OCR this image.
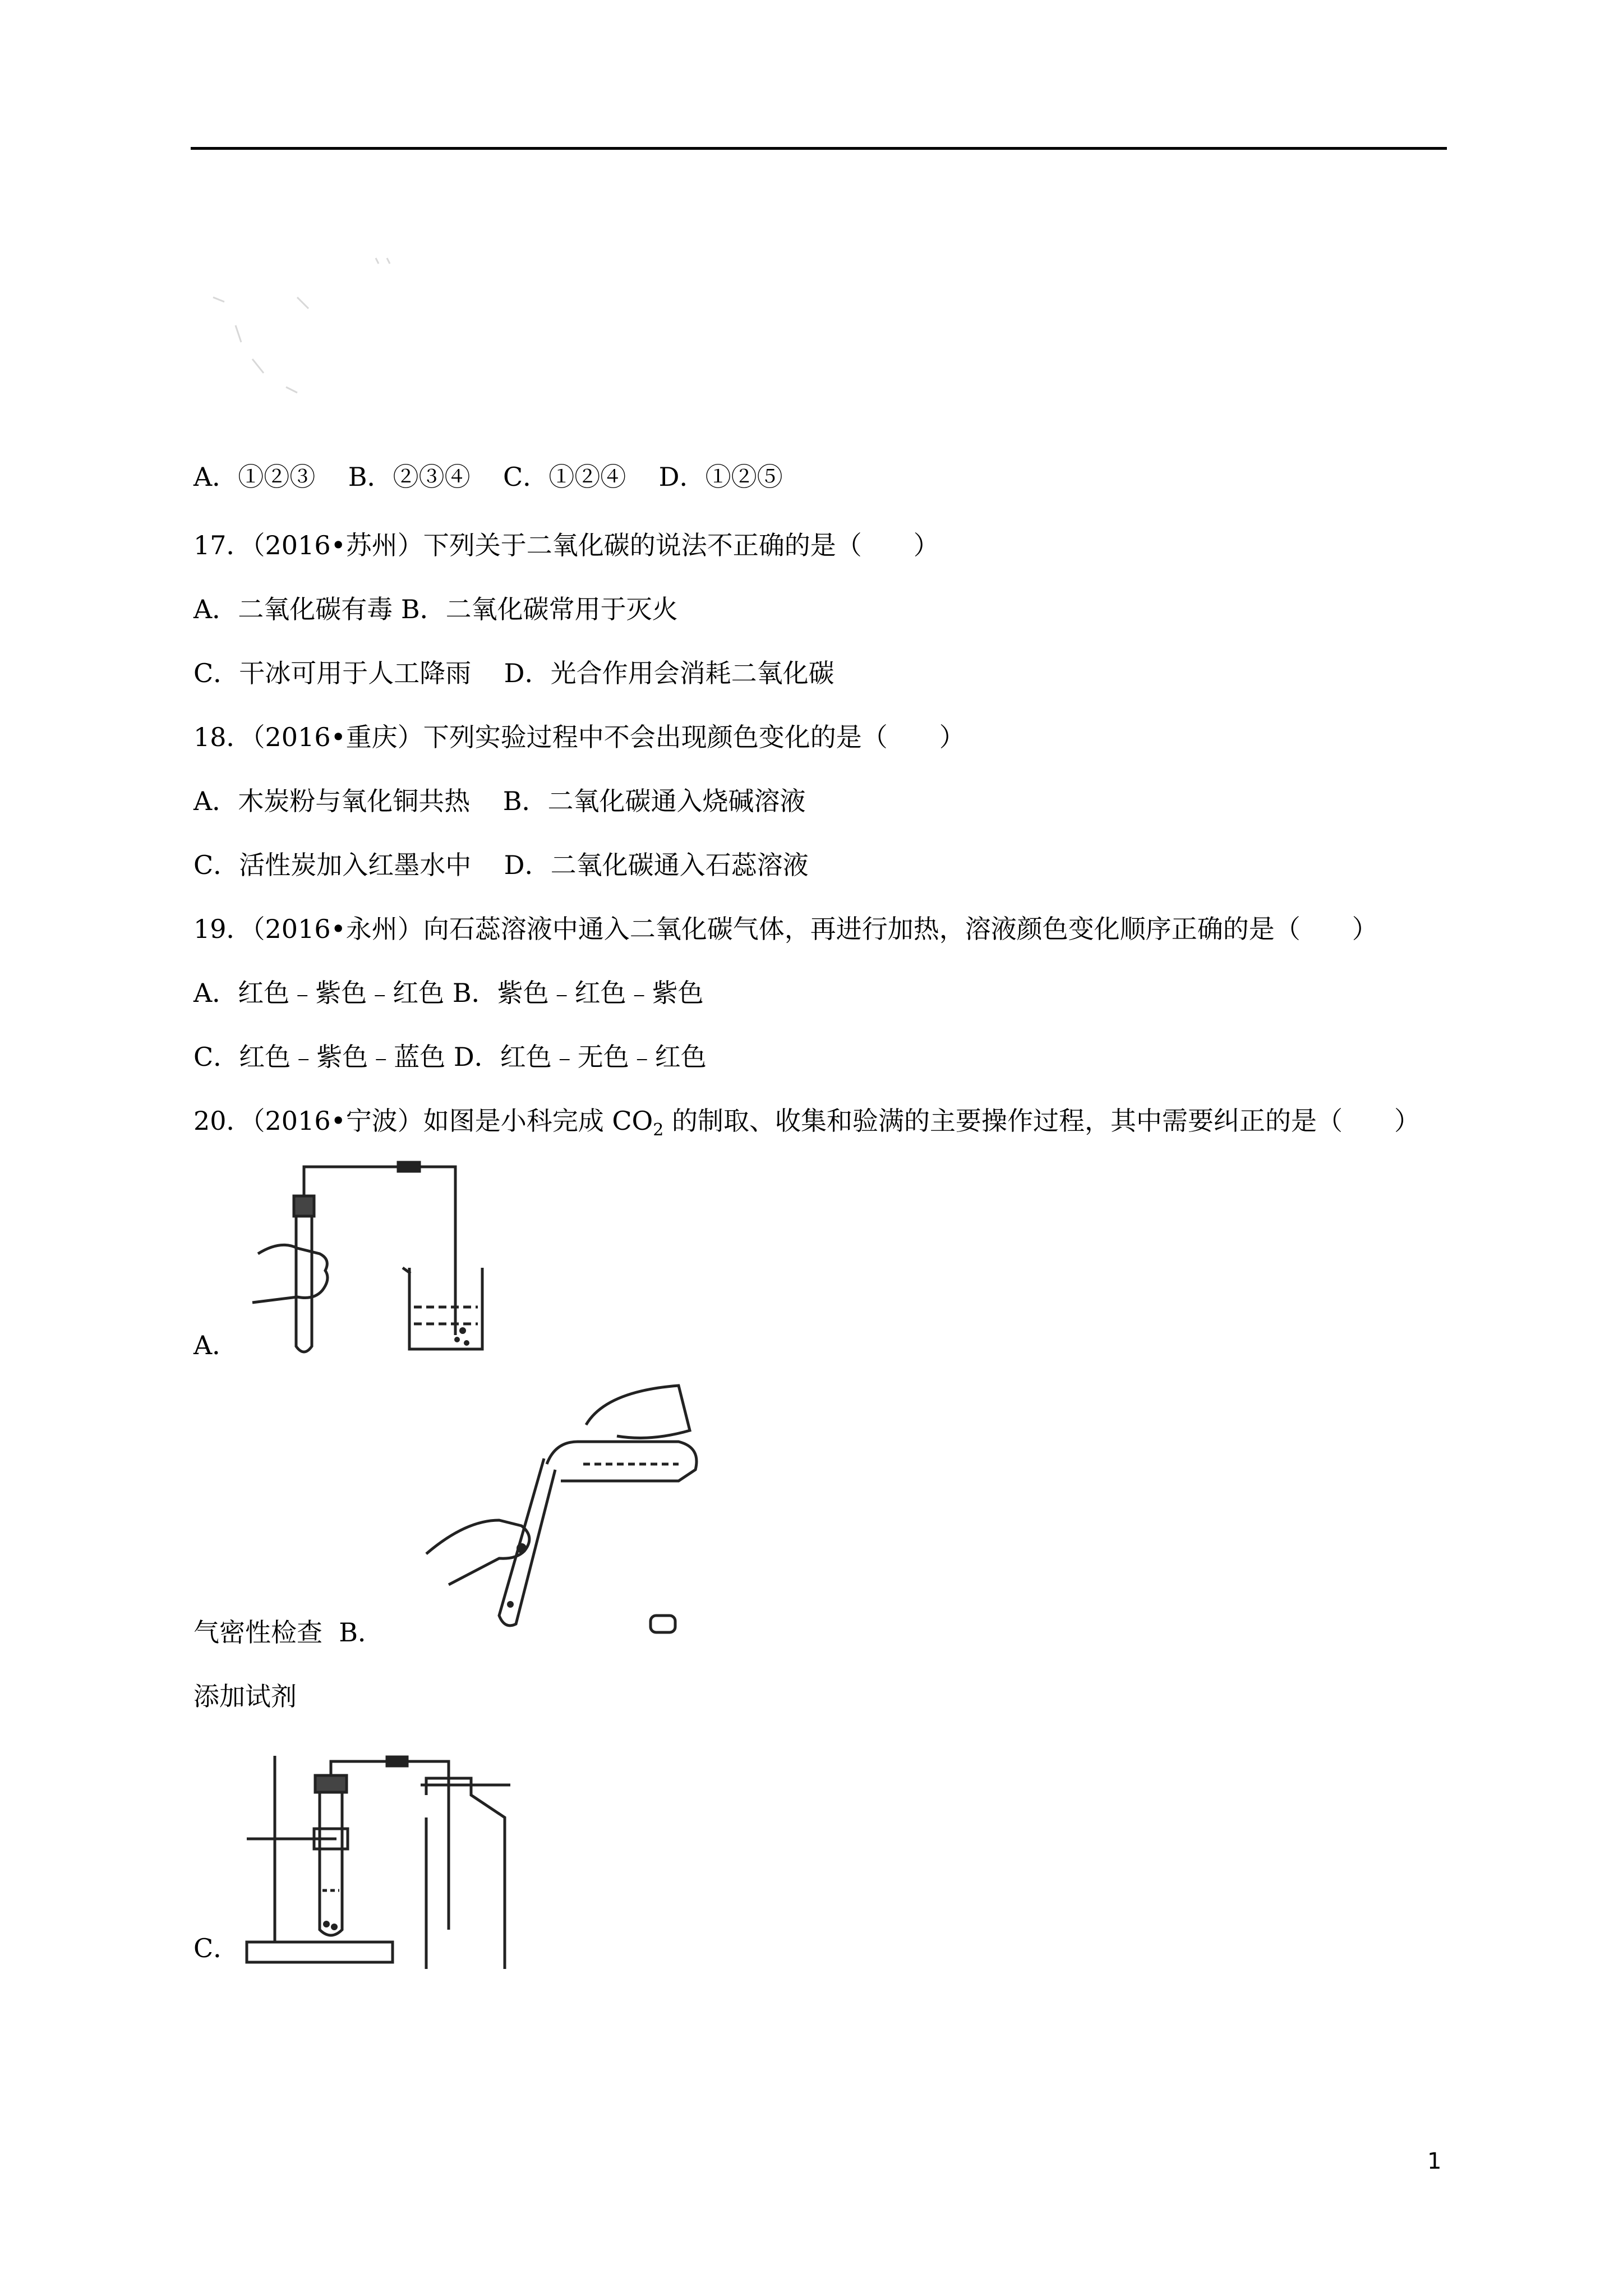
A．①②③    B．②③④    C．①②④    D．①②⑤
17．（2016•苏州）下列关于二氧化碳的说法不正确的是（　　）
A．二氧化碳有毒 B．二氧化碳常用于灭火
C．干冰可用于人工降雨    D．光合作用会消耗二氧化碳
18．（2016•重庆）下列实验过程中不会出现颜色变化的是（　　）
A．木炭粉与氧化铜共热    B．二氧化碳通入烧碱溶液
C．活性炭加入红墨水中    D．二氧化碳通入石蕊溶液
19．（2016•永州）向石蕊溶液中通入二氧化碳气体，再进行加热，溶液颜色变化顺序正确的是（　　）
A．红色﹣紫色﹣红色 B．紫色﹣红色﹣紫色
C．红色﹣紫色﹣蓝色 D．红色﹣无色﹣红色
20．（2016•宁波）如图是小科完成 $CO_2$ 的制取、收集和验满的主要操作过程，其中需要纠正的是（　　）
A．
气密性检查 B．
添加试剂
C．
1
